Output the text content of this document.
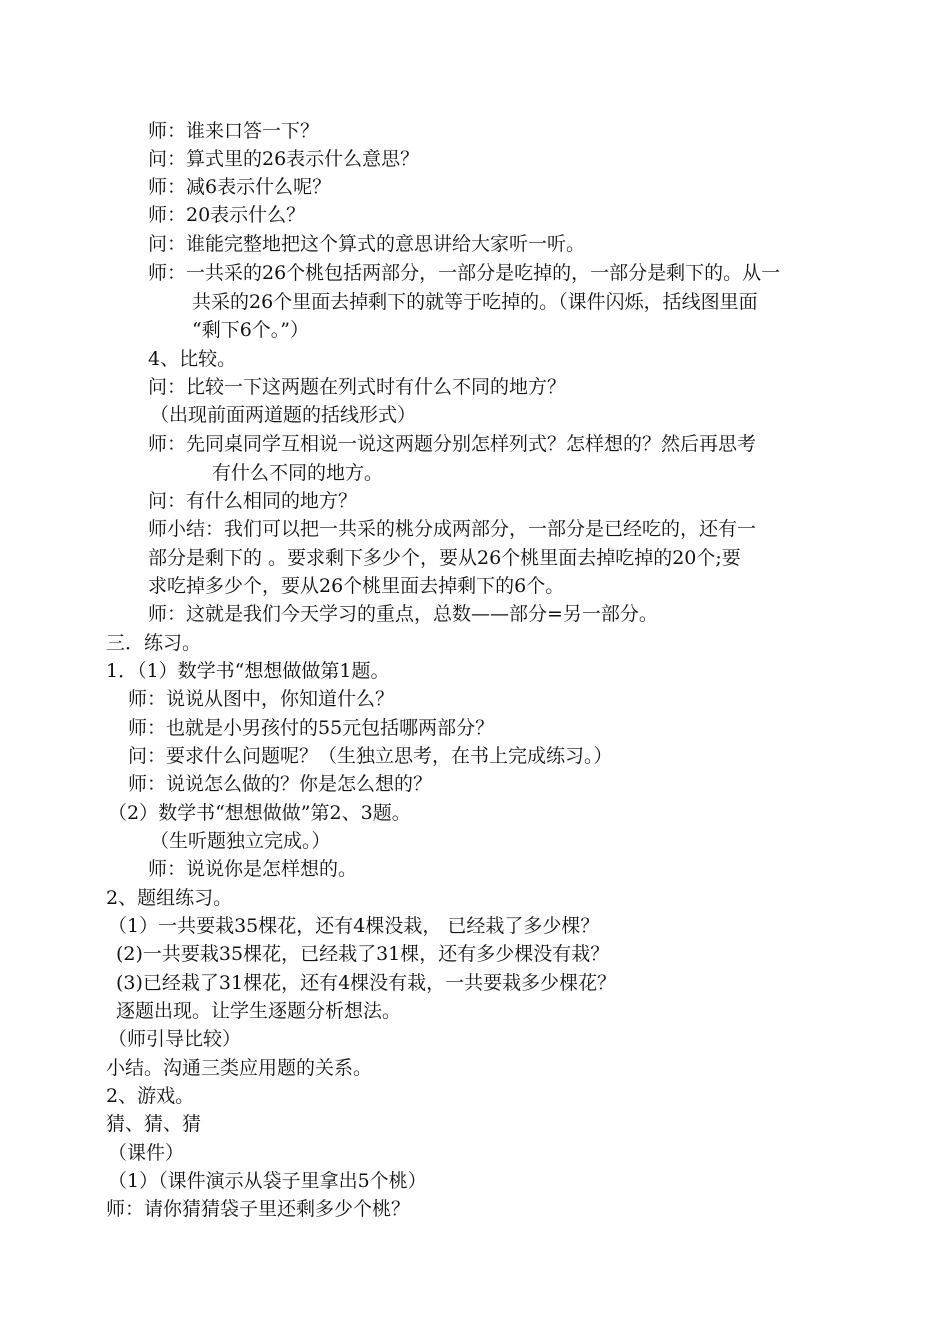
师：谁来口答一下？
问：算式里的26表示什么意思？
师：减6表示什么呢？
师：20表示什么？
问：谁能完整地把这个算式的意思讲给大家听一听。
师：一共采的26个桃包括两部分，一部分是吃掉的，一部分是剩下的。从一
共采的26个里面去掉剩下的就等于吃掉的。（课件闪烁，括线图里面
“剩下6个。”）
4、比较。
问：比较一下这两题在列式时有什么不同的地方？
（出现前面两道题的括线形式）
师：先同桌同学互相说一说这两题分别怎样列式？怎样想的？然后再思考
有什么不同的地方。
问：有什么相同的地方？
师小结：我们可以把一共采的桃分成两部分，一部分是已经吃的，还有一
部分是剩下的 。要求剩下多少个，要从26个桃里面去掉吃掉的20个;要
求吃掉多少个，要从26个桃里面去掉剩下的6个。
师：这就是我们今天学习的重点，总数——部分=另一部分。
三．练习。
1．（1）数学书“想想做做第1题。
师：说说从图中，你知道什么？
师：也就是小男孩付的55元包括哪两部分？
问：要求什么问题呢？（生独立思考，在书上完成练习。）
师：说说怎么做的？你是怎么想的？
（2）数学书“想想做做”第2、3题。
（生听题独立完成。）
师：说说你是怎样想的。
2、题组练习。
（1）一共要栽35棵花，还有4棵没栽， 已经栽了多少棵？
(2)一共要栽35棵花，已经栽了31棵，还有多少棵没有栽？
(3)已经栽了31棵花，还有4棵没有栽，一共要栽多少棵花？
逐题出现。让学生逐题分析想法。
（师引导比较）
小结。沟通三类应用题的关系。
2、游戏。
猜、猜、猜
（课件）
（1）（课件演示从袋子里拿出5个桃）
师：请你猜猜袋子里还剩多少个桃？
